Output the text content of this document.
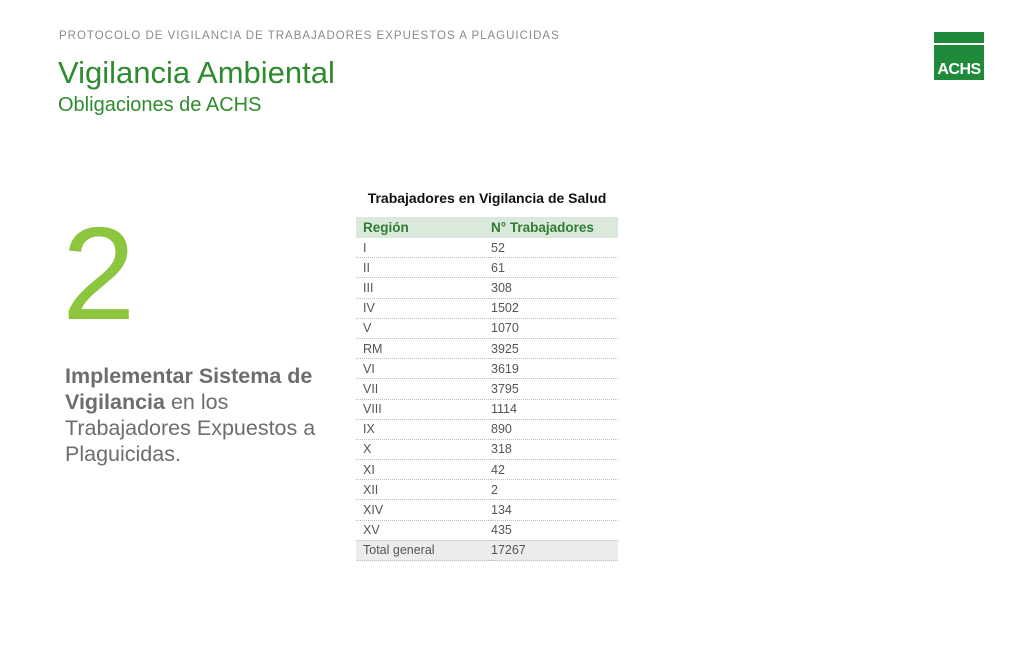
PROTOCOLO DE VIGILANCIA DE TRABAJADORES EXPUESTOS A PLAGUICIDAS
Vigilancia Ambiental
Obligaciones de ACHS
ACHS
2
Implementar Sistema de Vigilancia en los Trabajadores Expuestos a Plaguicidas.
Trabajadores en Vigilancia de Salud
Región	N° Trabajadores
I	52
II	61
III	308
IV	1502
V	1070
RM	3925
VI	3619
VII	3795
VIII	1114
IX	890
X	318
XI	42
XII	2
XIV	134
XV	435
Total general	17267
